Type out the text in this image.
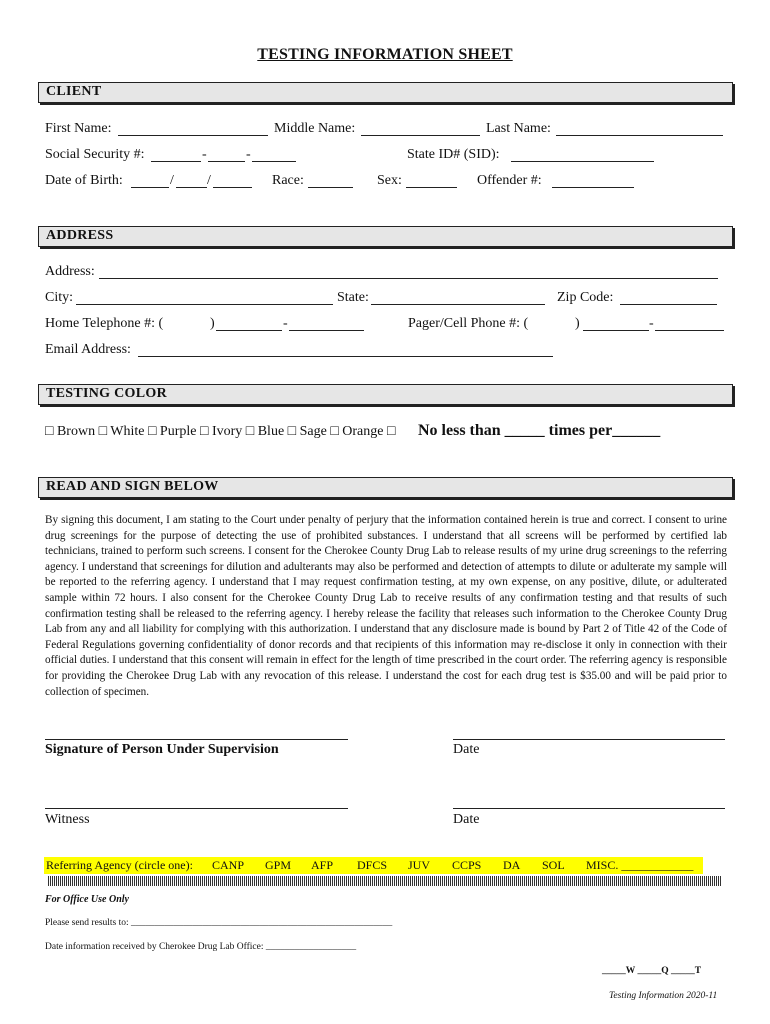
TESTING INFORMATION SHEET
CLIENT
First Name:	Middle Name:	Last Name:
Social Security #:	-	-	State ID# (SID):
Date of Birth:	/ /	Race:	Sex:	Offender #:
ADDRESS
Address:
City:	State:	Zip Code:
Home Telephone #: (	)	-	Pager/Cell Phone #: (	)	-
Email Address:
TESTING COLOR
□ Brown □ White □ Purple □ Ivory □ Blue □ Sage □ Orange □ No less than _____ times per______
READ AND SIGN BELOW
By signing this document, I am stating to the Court under penalty of perjury that the information contained herein is true and correct. I consent to urine drug screenings for the purpose of detecting the use of prohibited substances. I understand that all screens will be performed by certified lab technicians, trained to perform such screens. I consent for the Cherokee County Drug Lab to release results of my urine drug screenings to the referring agency. I understand that screenings for dilution and adulterants may also be performed and detection of attempts to dilute or adulterate my sample will be reported to the referring agency. I understand that I may request confirmation testing, at my own expense, on any positive, dilute, or adulterated sample within 72 hours. I also consent for the Cherokee County Drug Lab to receive results of any confirmation testing and that results of such confirmation testing shall be released to the referring agency. I hereby release the facility that releases such information to the Cherokee County Drug Lab from any and all liability for complying with this authorization. I understand that any disclosure made is bound by Part 2 of Title 42 of the Code of Federal Regulations governing confidentiality of donor records and that recipients of this information may re-disclose it only in connection with their official duties. I understand that this consent will remain in effect for the length of time prescribed in the court order. The referring agency is responsible for providing the Cherokee Drug Lab with any revocation of this release. I understand the cost for each drug test is $35.00 and will be paid prior to collection of specimen.
Signature of Person Under Supervision	Date
Witness	Date
Referring Agency (circle one): CANP GPM AFP DFCS JUV CCPS DA SOL MISC. ____________
For Office Use Only
Please send results to: _______________________________________________________
Date information received by Cherokee Drug Lab Office: ___________________
_____W _____Q _____T
Testing Information 2020-11
